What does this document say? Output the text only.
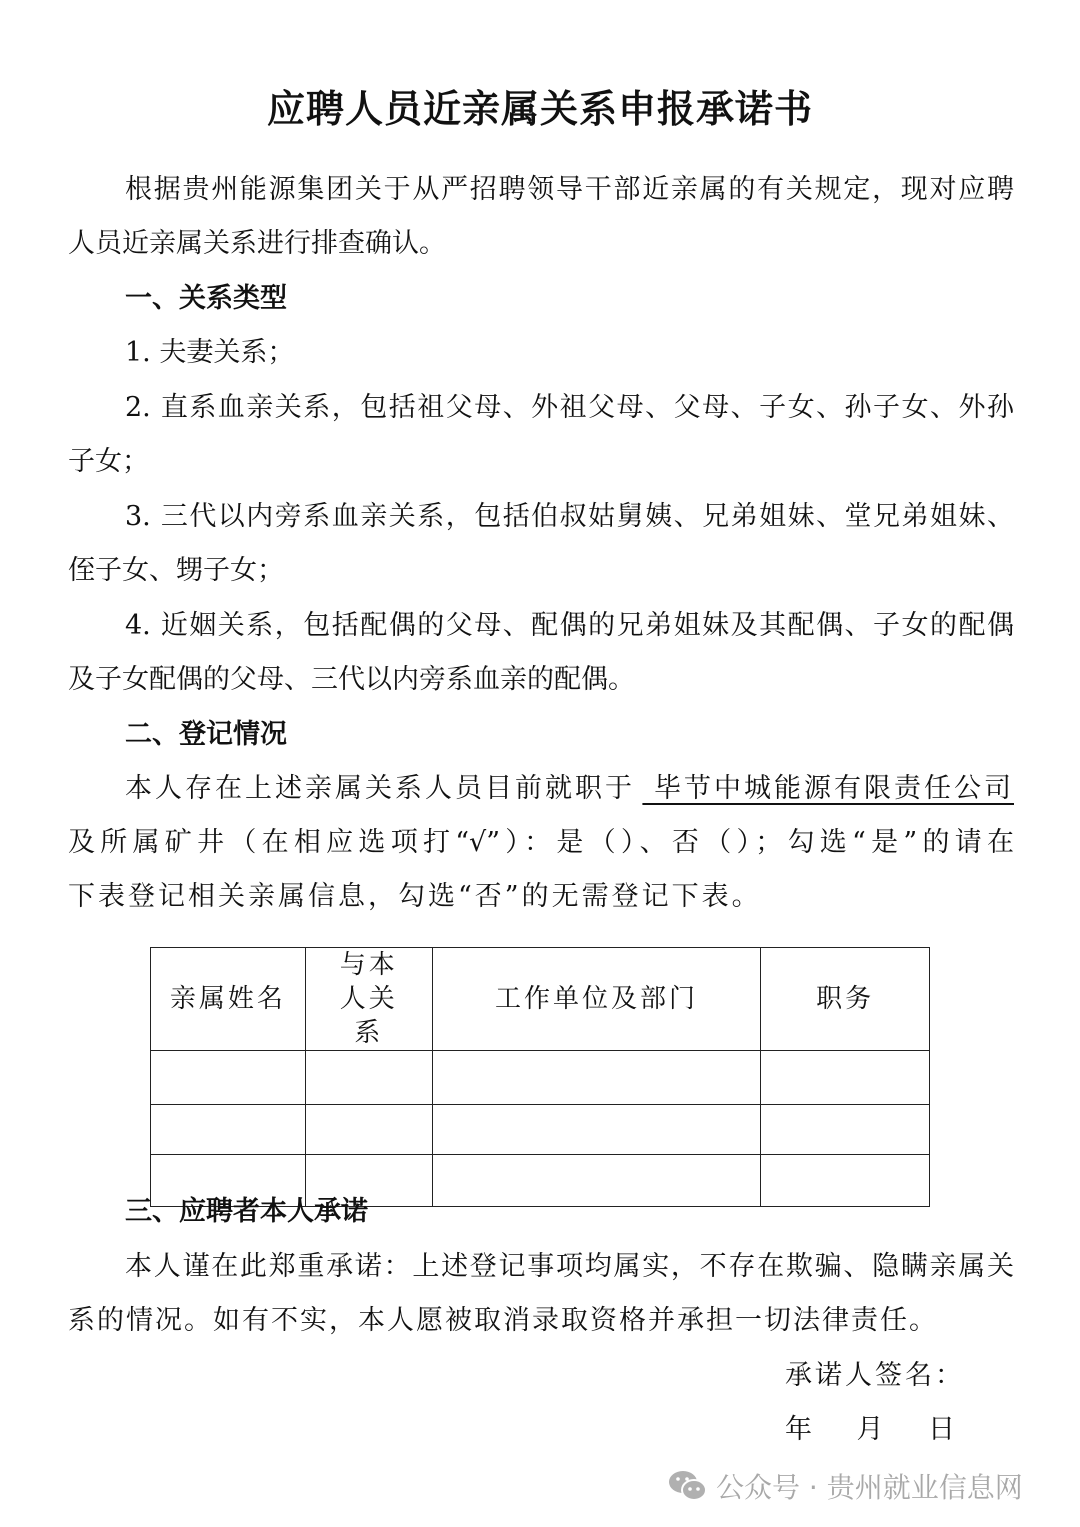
应聘人员近亲属关系申报承诺书
根据贵州能源集团关于从严招聘领导干部近亲属的有关规定，现对应聘
人员近亲属关系进行排查确认。
一、关系类型
1. 夫妻关系；
2. 直系血亲关系，包括祖父母、外祖父母、父母、子女、孙子女、外孙
子女；
3. 三代以内旁系血亲关系，包括伯叔姑舅姨、兄弟姐妹、堂兄弟姐妹、
侄子女、甥子女；
4. 近姻关系，包括配偶的父母、配偶的兄弟姐妹及其配偶、子女的配偶
及子女配偶的父母、三代以内旁系血亲的配偶。
二、登记情况
本人存在上述亲属关系人员目前就职于 毕节中城能源有限责任公司
及所属矿井（在相应选项打“√”）：是（）、否（）；勾选“是”的请在
下表登记相关亲属信息，勾选“否”的无需登记下表。
亲属姓名	与本人关系	工作单位及部门	职务

三、应聘者本人承诺
本人谨在此郑重承诺：上述登记事项均属实，不存在欺骗、隐瞒亲属关
系的情况。如有不实，本人愿被取消录取资格并承担一切法律责任。
承诺人签名：
年 月 日
公众号 · 贵州就业信息网
